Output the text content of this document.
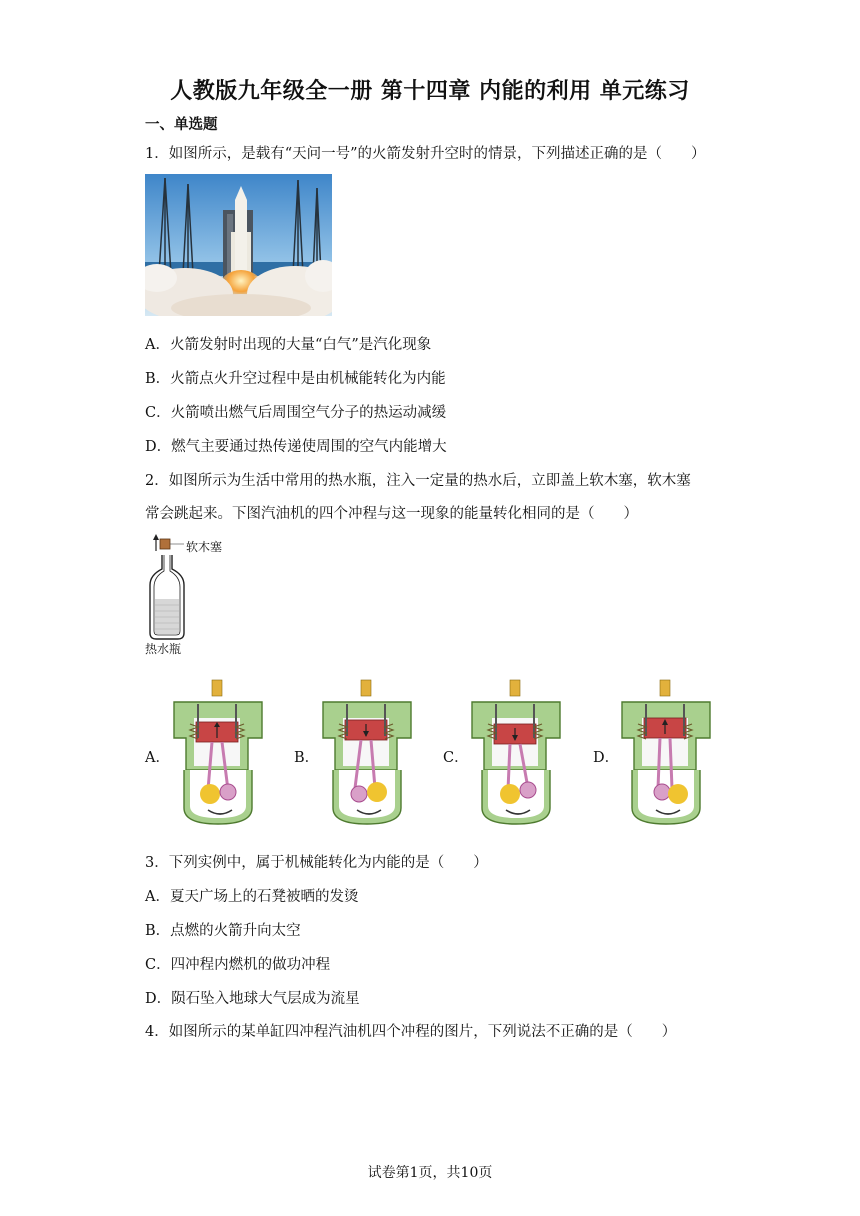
人教版九年级全一册 第十四章 内能的利用 单元练习
一、单选题
1．如图所示，是载有“天问一号”的火箭发射升空时的情景，下列描述正确的是（　　）
A．火箭发射时出现的大量“白气”是汽化现象
B．火箭点火升空过程中是由机械能转化为内能
C．火箭喷出燃气后周围空气分子的热运动减缓
D．燃气主要通过热传递使周围的空气内能增大
2．如图所示为生活中常用的热水瓶，注入一定量的热水后，立即盖上软木塞，软木塞
常会跳起来。下图汽油机的四个冲程与这一现象的能量转化相同的是（　　）
软木塞
热水瓶
A．	B．	C．	D．
3．下列实例中，属于机械能转化为内能的是（　　）
A．夏天广场上的石凳被晒的发烫
B．点燃的火箭升向太空
C．四冲程内燃机的做功冲程
D．陨石坠入地球大气层成为流星
4．如图所示的某单缸四冲程汽油机四个冲程的图片，下列说法不正确的是（　　）
试卷第1页，共10页
